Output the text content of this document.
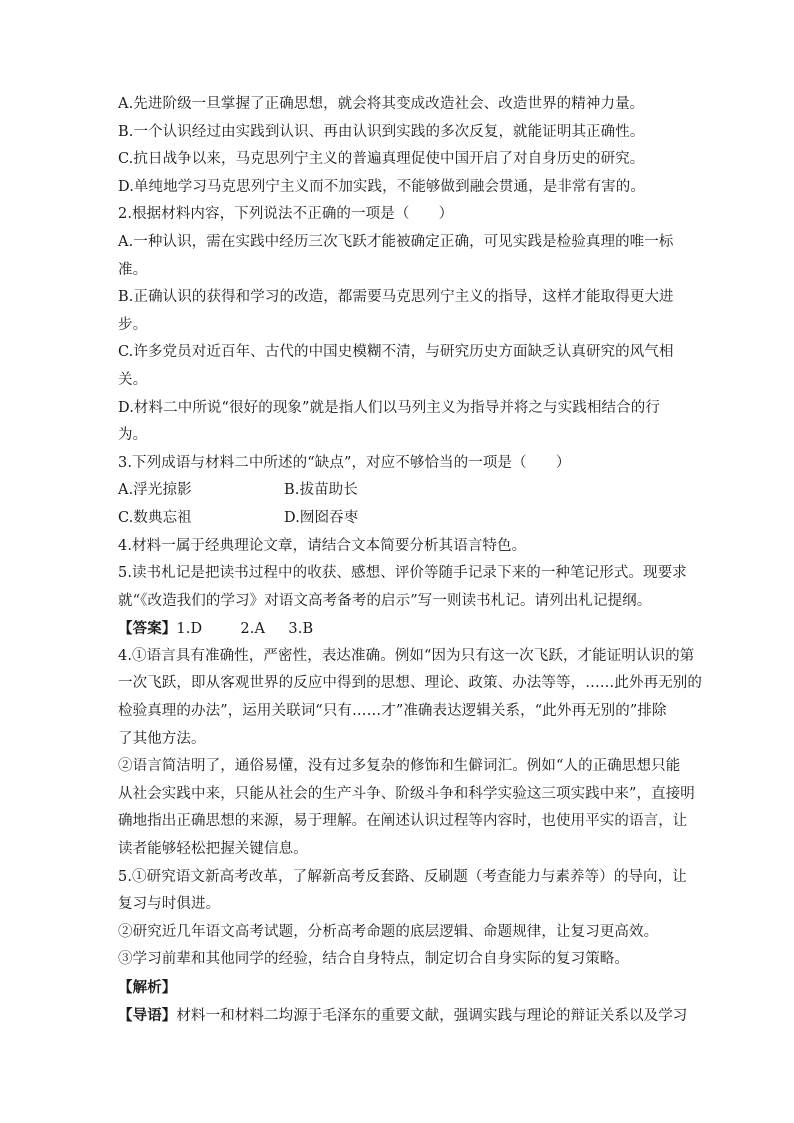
A.先进阶级一旦掌握了正确思想，就会将其变成改造社会、改造世界的精神力量。
B.一个认识经过由实践到认识、再由认识到实践的多次反复，就能证明其正确性。
C.抗日战争以来，马克思列宁主义的普遍真理促使中国开启了对自身历史的研究。
D.单纯地学习马克思列宁主义而不加实践，不能够做到融会贯通，是非常有害的。
2.根据材料内容，下列说法不正确的一项是（　　）
A.一种认识，需在实践中经历三次飞跃才能被确定正确，可见实践是检验真理的唯一标
准。
B.正确认识的获得和学习的改造，都需要马克思列宁主义的指导，这样才能取得更大进
步。
C.许多党员对近百年、古代的中国史模糊不清，与研究历史方面缺乏认真研究的风气相
关。
D.材料二中所说“很好的现象”就是指人们以马列主义为指导并将之与实践相结合的行
为。
3.下列成语与材料二中所述的“缺点”，对应不够恰当的一项是（　　）
A.浮光掠影	B.拔苗助长
C.数典忘祖	D.囫囵吞枣
4.材料一属于经典理论文章，请结合文本简要分析其语言特色。
5.读书札记是把读书过程中的收获、感想、评价等随手记录下来的一种笔记形式。现要求
就“《改造我们的学习》对语文高考备考的启示”写一则读书札记。请列出札记提纲。
【答案】1.D	2.A 3.B
4.①语言具有准确性，严密性，表达准确。例如“因为只有这一次飞跃，才能证明认识的第
一次飞跃，即从客观世界的反应中得到的思想、理论、政策、办法等等，……此外再无别的
检验真理的办法”，运用关联词“只有……才”准确表达逻辑关系，“此外再无别的”排除
了其他方法。
②语言简洁明了，通俗易懂，没有过多复杂的修饰和生僻词汇。例如“人的正确思想只能
从社会实践中来，只能从社会的生产斗争、阶级斗争和科学实验这三项实践中来”，直接明
确地指出正确思想的来源，易于理解。在阐述认识过程等内容时，也使用平实的语言，让
读者能够轻松把握关键信息。
5.①研究语文新高考改革，了解新高考反套路、反刷题（考查能力与素养等）的导向，让
复习与时俱进。
②研究近几年语文高考试题，分析高考命题的底层逻辑、命题规律，让复习更高效。
③学习前辈和其他同学的经验，结合自身特点，制定切合自身实际的复习策略。
【解析】
【导语】材料一和材料二均源于毛泽东的重要文献，强调实践与理论的辩证关系以及学习
